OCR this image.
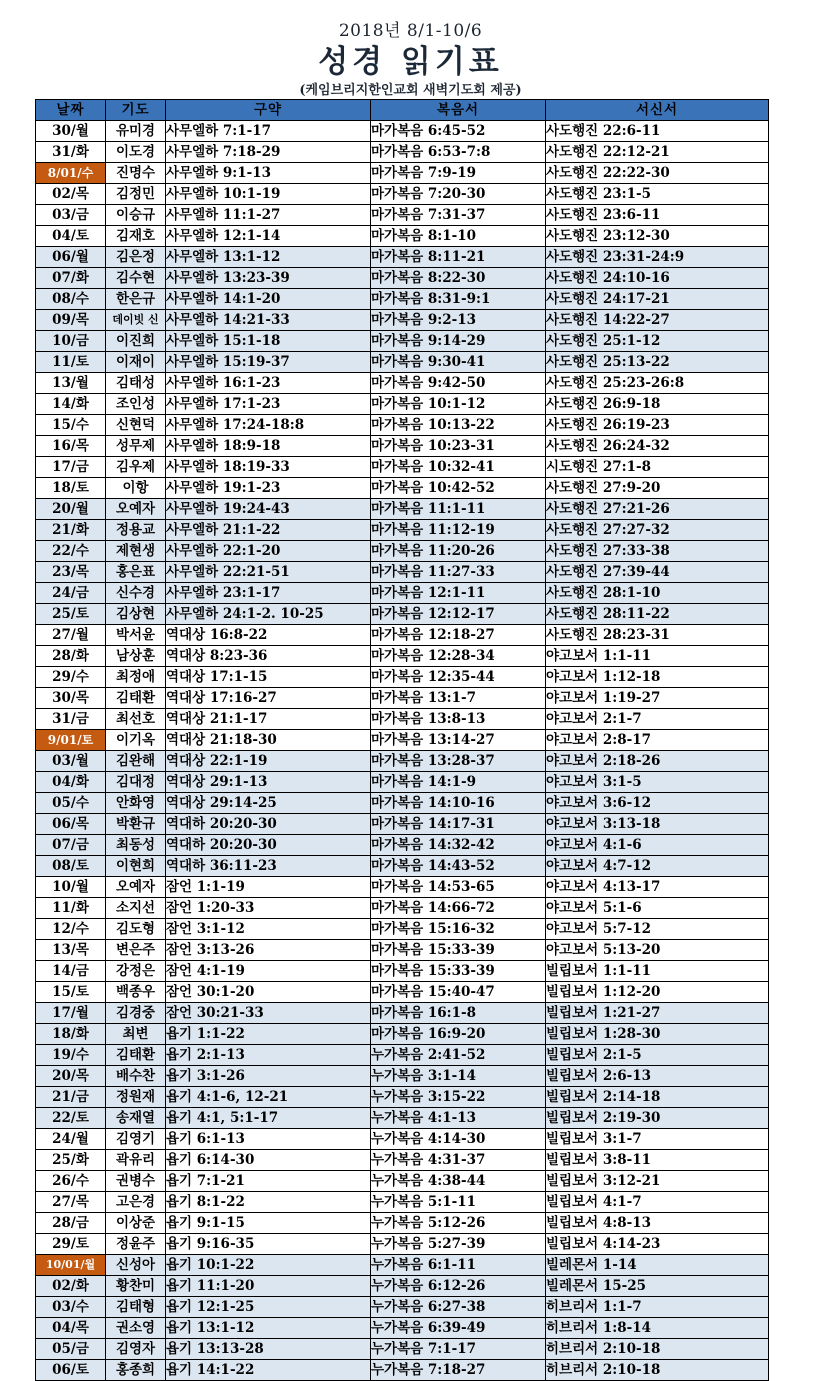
2018년 8/1-10/6
성경 읽기표
(케임브리지한인교회 새벽기도회 제공)
날짜	기도	구약	복음서	서신서
30/월	유미경	사무엘하 7:1-17	마가복음 6:45-52	사도행진 22:6-11
31/화	이도경	사무엘하 7:18-29	마가복음 6:53-7:8	사도행진 22:12-21
8/01/수	진명수	사무엘하 9:1-13	마가복음 7:9-19	사도행진 22:22-30
02/목	김정민	사무엘하 10:1-19	마가복음 7:20-30	사도행진 23:1-5
03/금	이승규	사무엘하 11:1-27	마가복음 7:31-37	사도행진 23:6-11
04/토	김재호	사무엘하 12:1-14	마가복음 8:1-10	사도행진 23:12-30
06/월	김은정	사무엘하 13:1-12	마가복음 8:11-21	사도행진 23:31-24:9
07/화	김수현	사무엘하 13:23-39	마가복음 8:22-30	사도행진 24:10-16
08/수	한은규	사무엘하 14:1-20	마가복음 8:31-9:1	사도행진 24:17-21
09/목	데이빗 신	사무엘하 14:21-33	마가복음 9:2-13	사도행진 14:22-27
10/금	이진희	사무엘하 15:1-18	마가복음 9:14-29	사도행진 25:1-12
11/토	이재이	사무엘하 15:19-37	마가복음 9:30-41	사도행진 25:13-22
13/월	김태성	사무엘하 16:1-23	마가복음 9:42-50	사도행진 25:23-26:8
14/화	조인성	사무엘하 17:1-23	마가복음 10:1-12	사도행진 26:9-18
15/수	신현덕	사무엘하 17:24-18:8	마가복음 10:13-22	사도행진 26:19-23
16/목	성무제	사무엘하 18:9-18	마가복음 10:23-31	사도행진 26:24-32
17/금	김우제	사무엘하 18:19-33	마가복음 10:32-41	시도행진 27:1-8
18/토	이항	사무엘하 19:1-23	마가복음 10:42-52	사도행진 27:9-20
20/월	오예자	사무엘하 19:24-43	마가복음 11:1-11	사도행진 27:21-26
21/화	정용교	사무엘하 21:1-22	마가복음 11:12-19	사도행진 27:27-32
22/수	제현생	사무엘하 22:1-20	마가복음 11:20-26	사도행진 27:33-38
23/목	홍은표	사무엘하 22:21-51	마가복음 11:27-33	사도행진 27:39-44
24/금	신수경	사무엘하 23:1-17	마가복음 12:1-11	사도행진 28:1-10
25/토	김상현	사무엘하 24:1-2. 10-25	마가복음 12:12-17	사도행진 28:11-22
27/월	박서윤	역대상 16:8-22	마가복음 12:18-27	사도행진 28:23-31
28/화	남상훈	역대상 8:23-36	마가복음 12:28-34	야고보서 1:1-11
29/수	최정애	역대상 17:1-15	마가복음 12:35-44	야고보서 1:12-18
30/목	김태환	역대상 17:16-27	마가복음 13:1-7	야고보서 1:19-27
31/금	최선호	역대상 21:1-17	마가복음 13:8-13	야고보서 2:1-7
9/01/토	이기옥	역대상 21:18-30	마가복음 13:14-27	야고보서 2:8-17
03/월	김완해	역대상 22:1-19	마가복음 13:28-37	야고보서 2:18-26
04/화	김대정	역대상 29:1-13	마가복음 14:1-9	야고보서 3:1-5
05/수	안화영	역대상 29:14-25	마가복음 14:10-16	야고보서 3:6-12
06/목	박환규	역대하 20:20-30	마가복음 14:17-31	야고보서 3:13-18
07/금	최동성	역대하 20:20-30	마가복음 14:32-42	야고보서 4:1-6
08/토	이현희	역대하 36:11-23	마가복음 14:43-52	야고보서 4:7-12
10/월	오예자	잠언 1:1-19	마가복음 14:53-65	야고보서 4:13-17
11/화	소지선	잠언 1:20-33	마가복음 14:66-72	야고보서 5:1-6
12/수	김도형	잠언 3:1-12	마가복음 15:16-32	야고보서 5:7-12
13/목	변은주	잠언 3:13-26	마가복음 15:33-39	야고보서 5:13-20
14/금	강정은	잠언 4:1-19	마가복음 15:33-39	빌립보서 1:1-11
15/토	백종우	잠언 30:1-20	마가복음 15:40-47	빌립보서 1:12-20
17/월	김경중	잠언 30:21-33	마가복음 16:1-8	빌립보서 1:21-27
18/화	최변	욥기 1:1-22	마가복음 16:9-20	빌립보서 1:28-30
19/수	김태환	욥기 2:1-13	누가복음 2:41-52	빌립보서 2:1-5
20/목	배수찬	욥기 3:1-26	누가복음 3:1-14	빌립보서 2:6-13
21/금	정원재	욥기 4:1-6, 12-21	누가복음 3:15-22	빌립보서 2:14-18
22/토	송재열	욥기 4:1, 5:1-17	누가복음 4:1-13	빌립보서 2:19-30
24/월	김영기	욥기 6:1-13	누가복음 4:14-30	빌립보서 3:1-7
25/화	곽유리	욥기 6:14-30	누가복음 4:31-37	빌립보서 3:8-11
26/수	권병수	욥기 7:1-21	누가복음 4:38-44	빌립보서 3:12-21
27/목	고은경	욥기 8:1-22	누가복음 5:1-11	빌립보서 4:1-7
28/금	이상준	욥기 9:1-15	누가복음 5:12-26	빌립보서 4:8-13
29/토	정윤주	욥기 9:16-35	누가복음 5:27-39	빌립보서 4:14-23
10/01/월	신성아	욥기 10:1-22	누가복음 6:1-11	빌레몬서 1-14
02/화	황찬미	욥기 11:1-20	누가복음 6:12-26	빌레몬서 15-25
03/수	김태형	욥기 12:1-25	누가복음 6:27-38	히브리서 1:1-7
04/목	권소영	욥기 13:1-12	누가복음 6:39-49	히브리서 1:8-14
05/금	김영자	욥기 13:13-28	누가복음 7:1-17	히브리서 2:10-18
06/토	홍종희	욥기 14:1-22	누가복음 7:18-27	히브리서 2:10-18
